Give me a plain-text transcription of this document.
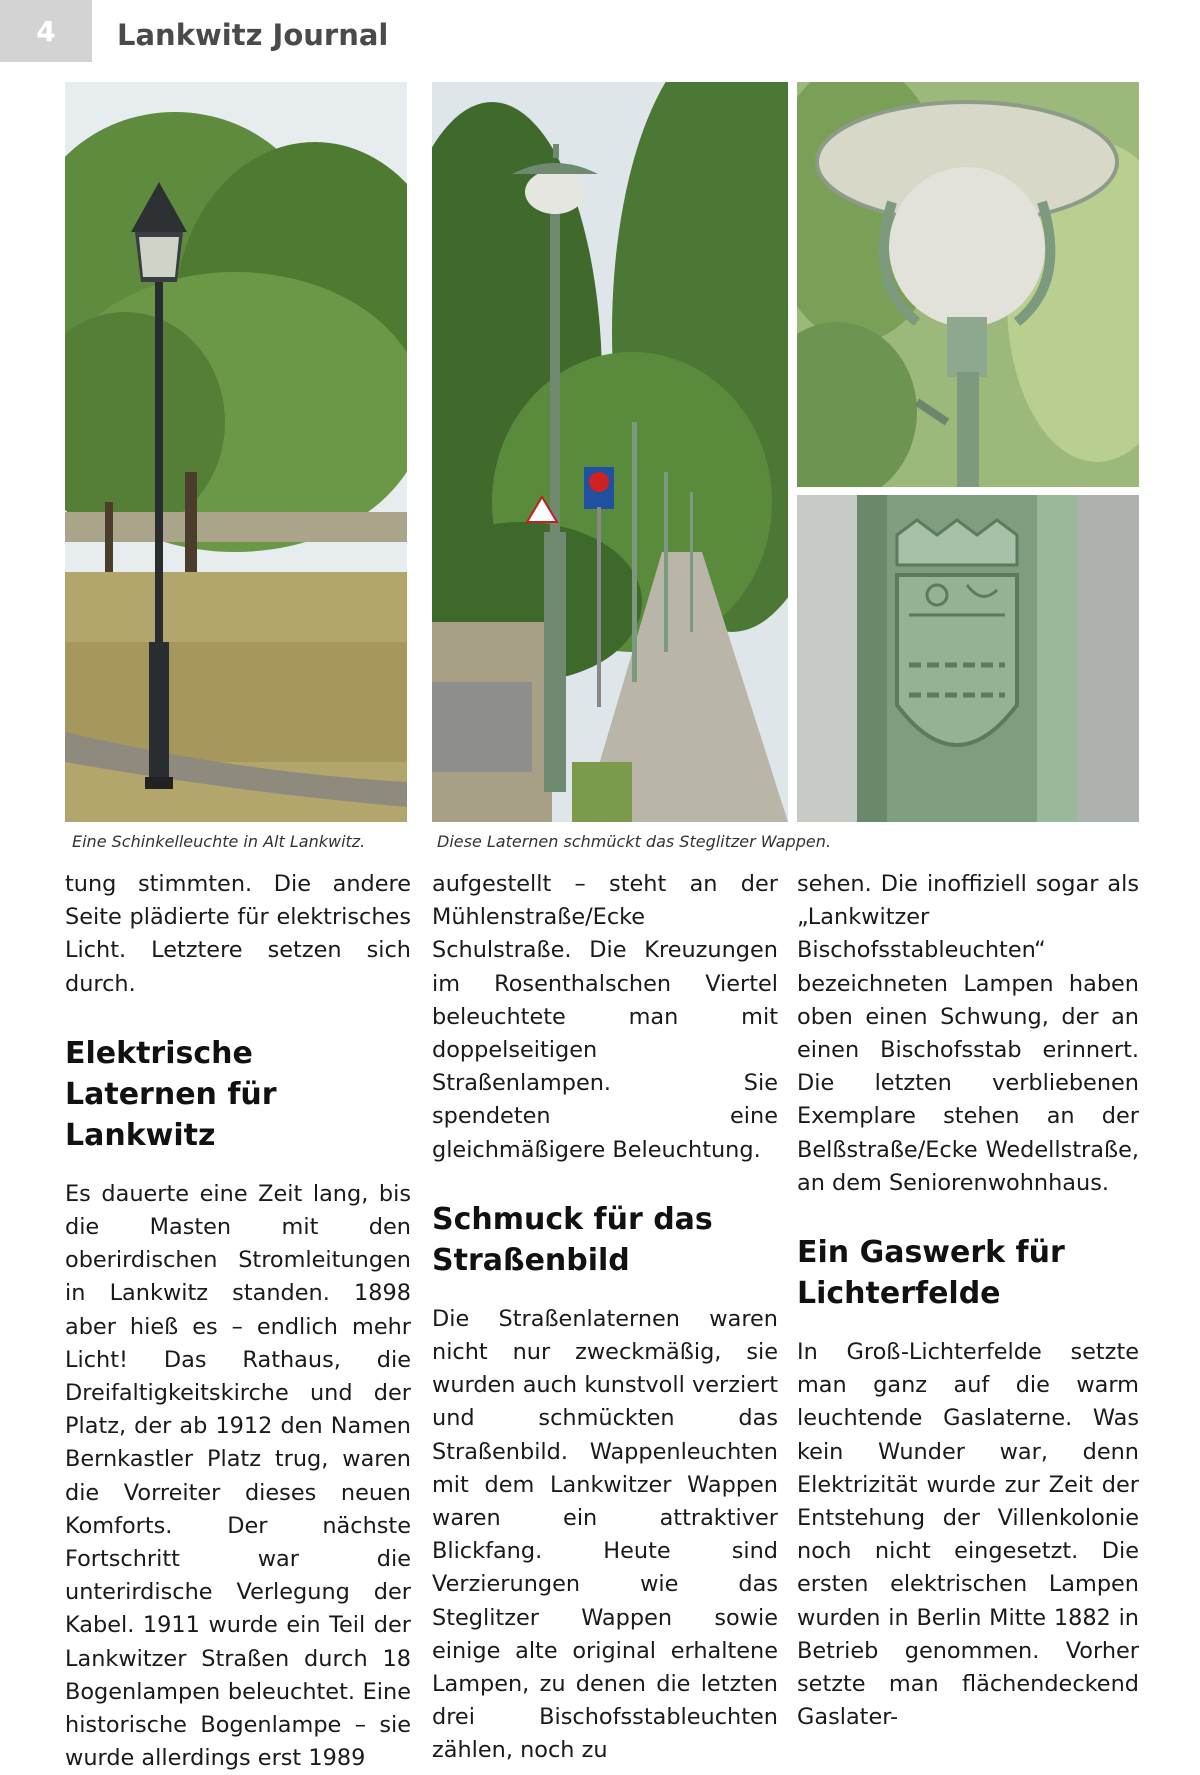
4	Lankwitz Journal
Eine Schinkelleuchte in Alt Lankwitz.	Diese Laternen schmückt das Steglitzer Wappen.

tung stimmten. Die andere Seite plädierte für elektrisches Licht. Letztere setzen sich durch.

Elektrische Laternen für Lankwitz

Es dauerte eine Zeit lang, bis die Masten mit den oberirdischen Stromleitungen in Lankwitz standen. 1898 aber hieß es – endlich mehr Licht! Das Rathaus, die Dreifaltigkeitskirche und der Platz, der ab 1912 den Namen Bernkastler Platz trug, waren die Vorreiter dieses neuen Komforts. Der nächste Fortschritt war die unterirdische Verlegung der Kabel. 1911 wurde ein Teil der Lankwitzer Straßen durch 18 Bogenlampen beleuchtet. Eine historische Bogenlampe – sie wurde allerdings erst 1989

aufgestellt – steht an der Mühlenstraße/Ecke Schulstraße. Die Kreuzungen im Rosenthalschen Viertel beleuchtete man mit doppelseitigen Straßenlampen. Sie spendeten eine gleichmäßigere Beleuchtung.

Schmuck für das Straßenbild

Die Straßenlaternen waren nicht nur zweckmäßig, sie wurden auch kunstvoll verziert und schmückten das Straßenbild. Wappenleuchten mit dem Lankwitzer Wappen waren ein attraktiver Blickfang. Heute sind Verzierungen wie das Steglitzer Wappen sowie einige alte original erhaltene Lampen, zu denen die letzten drei Bischofsstableuchten zählen, noch zu

sehen. Die inoffiziell sogar als „Lankwitzer Bischofsstableuchten“ bezeichneten Lampen haben oben einen Schwung, der an einen Bischofsstab erinnert. Die letzten verbliebenen Exemplare stehen an der Belßstraße/Ecke Wedellstraße, an dem Seniorenwohnhaus.

Ein Gaswerk für Lichterfelde

In Groß-Lichterfelde setzte man ganz auf die warm leuchtende Gaslaterne. Was kein Wunder war, denn Elektrizität wurde zur Zeit der Entstehung der Villenkolonie noch nicht eingesetzt. Die ersten elektrischen Lampen wurden in Berlin Mitte 1882 in Betrieb genommen. Vorher setzte man flächendeckend Gaslater-
